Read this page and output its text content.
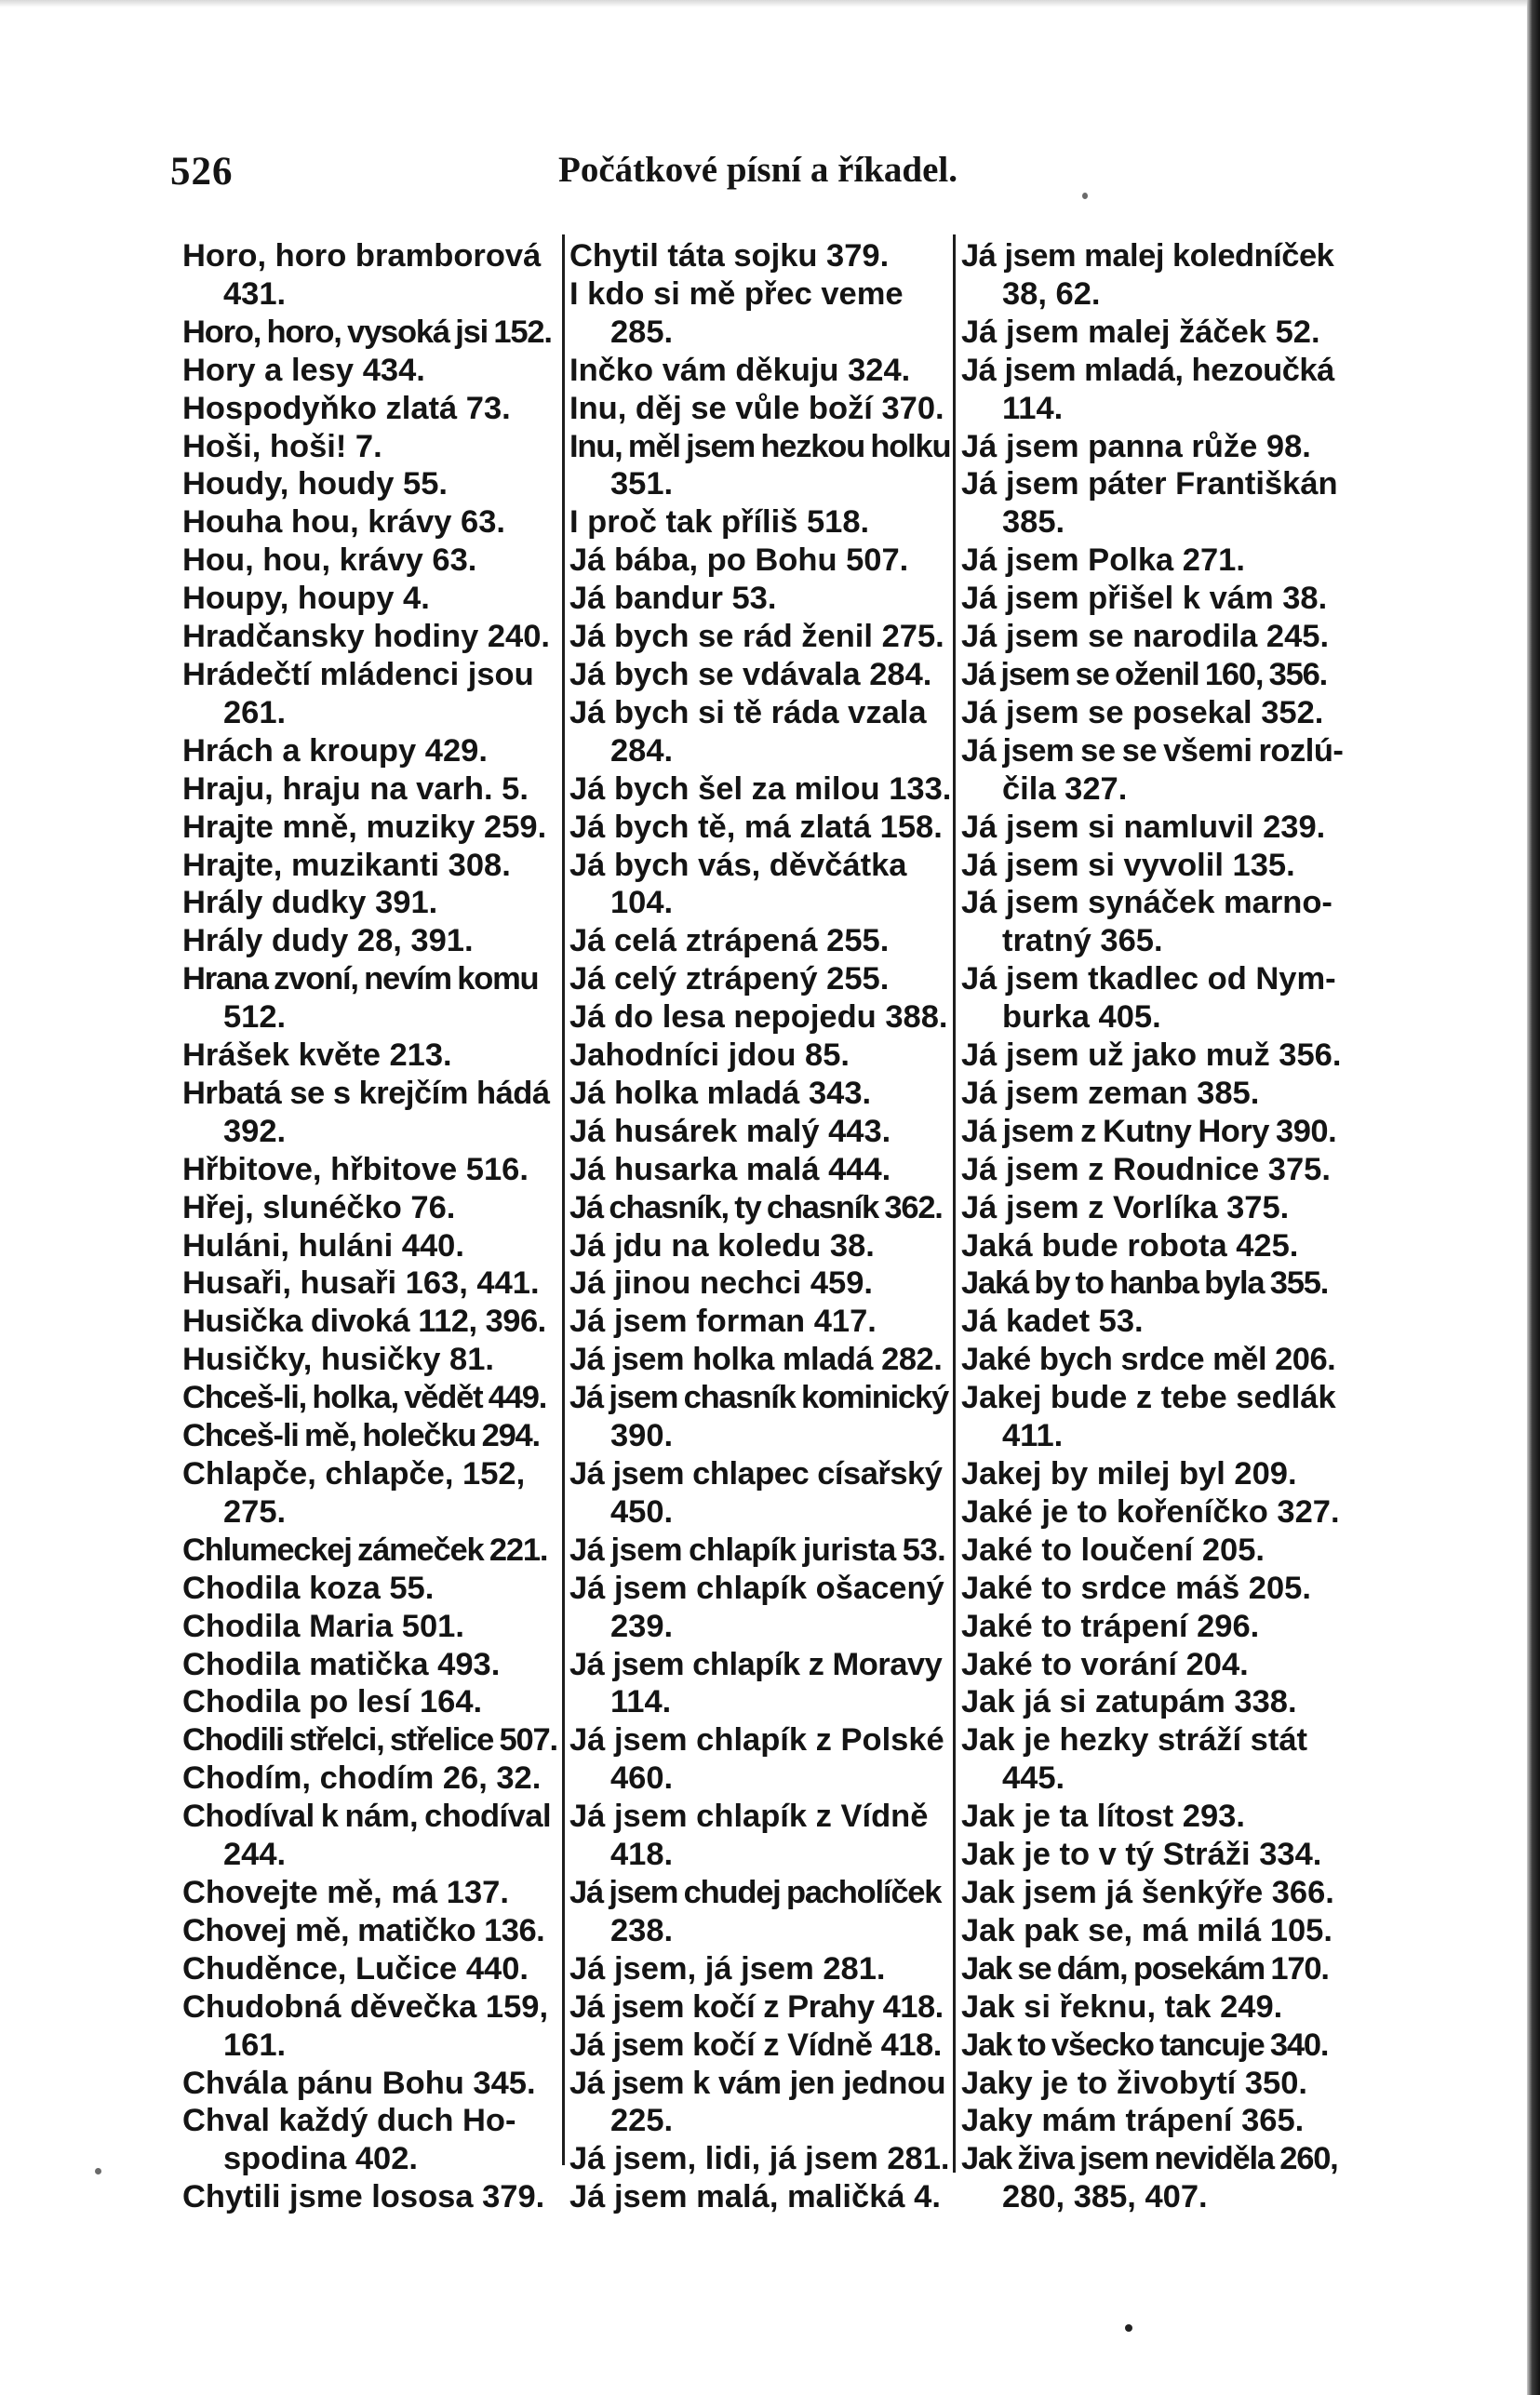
526	Počátkové písní a říkadel.
Horo, horo bramborová
431.
Horo, horo, vysoká jsi 152.
Hory a lesy 434.
Hospodyňko zlatá 73.
Hoši, hoši! 7.
Houdy, houdy 55.
Houha hou, krávy 63.
Hou, hou, krávy 63.
Houpy, houpy 4.
Hradčansky hodiny 240.
Hrádečtí mládenci jsou
261.
Hrách a kroupy 429.
Hraju, hraju na varh. 5.
Hrajte mně, muziky 259.
Hrajte, muzikanti 308.
Hrály dudky 391.
Hrály dudy 28, 391.
Hrana zvoní, nevím komu
512.
Hrášek květe 213.
Hrbatá se s krejčím hádá
392.
Hřbitove, hřbitove 516.
Hřej, slunéčko 76.
Huláni, huláni 440.
Husaři, husaři 163, 441.
Husička divoká 112, 396.
Husičky, husičky 81.
Chceš-li, holka, vědět 449.
Chceš-li mě, holečku 294.
Chlapče, chlapče, 152,
275.
Chlumeckej zámeček 221.
Chodila koza 55.
Chodila Maria 501.
Chodila matička 493.
Chodila po lesí 164.
Chodili střelci, střelice 507.
Chodím, chodím 26, 32.
Chodíval k nám, chodíval
244.
Chovejte mě, má 137.
Chovej mě, matičko 136.
Chuděnce, Lučice 440.
Chudobná děvečka 159,
161.
Chvála pánu Bohu 345.
Chval každý duch Ho-
spodina 402.
Chytili jsme lososa 379.
Chytil táta sojku 379.
I kdo si mě přec veme
285.
Inčko vám děkuju 324.
Inu, děj se vůle boží 370.
Inu, měl jsem hezkou holku
351.
I proč tak příliš 518.
Já bába, po Bohu 507.
Já bandur 53.
Já bych se rád ženil 275.
Já bych se vdávala 284.
Já bych si tě ráda vzala
284.
Já bych šel za milou 133.
Já bych tě, má zlatá 158.
Já bych vás, děvčátka
104.
Já celá ztrápená 255.
Já celý ztrápený 255.
Já do lesa nepojedu 388.
Jahodníci jdou 85.
Já holka mladá 343.
Já husárek malý 443.
Já husarka malá 444.
Já chasník, ty chasník 362.
Já jdu na koledu 38.
Já jinou nechci 459.
Já jsem forman 417.
Já jsem holka mladá 282.
Já jsem chasník kominický
390.
Já jsem chlapec císařský
450.
Já jsem chlapík jurista 53.
Já jsem chlapík ošacený
239.
Já jsem chlapík z Moravy
114.
Já jsem chlapík z Polské
460.
Já jsem chlapík z Vídně
418.
Já jsem chudej pacholíček
238.
Já jsem, já jsem 281.
Já jsem kočí z Prahy 418.
Já jsem kočí z Vídně 418.
Já jsem k vám jen jednou
225.
Já jsem, lidi, já jsem 281.
Já jsem malá, maličká 4.
Já jsem malej koledníček
38, 62.
Já jsem malej žáček 52.
Já jsem mladá, hezoučká
114.
Já jsem panna růže 98.
Já jsem páter Františkán
385.
Já jsem Polka 271.
Já jsem přišel k vám 38.
Já jsem se narodila 245.
Já jsem se oženil 160, 356.
Já jsem se posekal 352.
Já jsem se se všemi rozlú-
čila 327.
Já jsem si namluvil 239.
Já jsem si vyvolil 135.
Já jsem synáček marno-
tratný 365.
Já jsem tkadlec od Nym-
burka 405.
Já jsem už jako muž 356.
Já jsem zeman 385.
Já jsem z Kutny Hory 390.
Já jsem z Roudnice 375.
Já jsem z Vorlíka 375.
Jaká bude robota 425.
Jaká by to hanba byla 355.
Já kadet 53.
Jaké bych srdce měl 206.
Jakej bude z tebe sedlák
411.
Jakej by milej byl 209.
Jaké je to kořeníčko 327.
Jaké to loučení 205.
Jaké to srdce máš 205.
Jaké to trápení 296.
Jaké to vorání 204.
Jak já si zatupám 338.
Jak je hezky stráží stát
445.
Jak je ta lítost 293.
Jak je to v tý Stráži 334.
Jak jsem já šenkýře 366.
Jak pak se, má milá 105.
Jak se dám, posekám 170.
Jak si řeknu, tak 249.
Jak to všecko tancuje 340.
Jaky je to živobytí 350.
Jaky mám trápení 365.
Jak živa jsem neviděla 260,
280, 385, 407.
